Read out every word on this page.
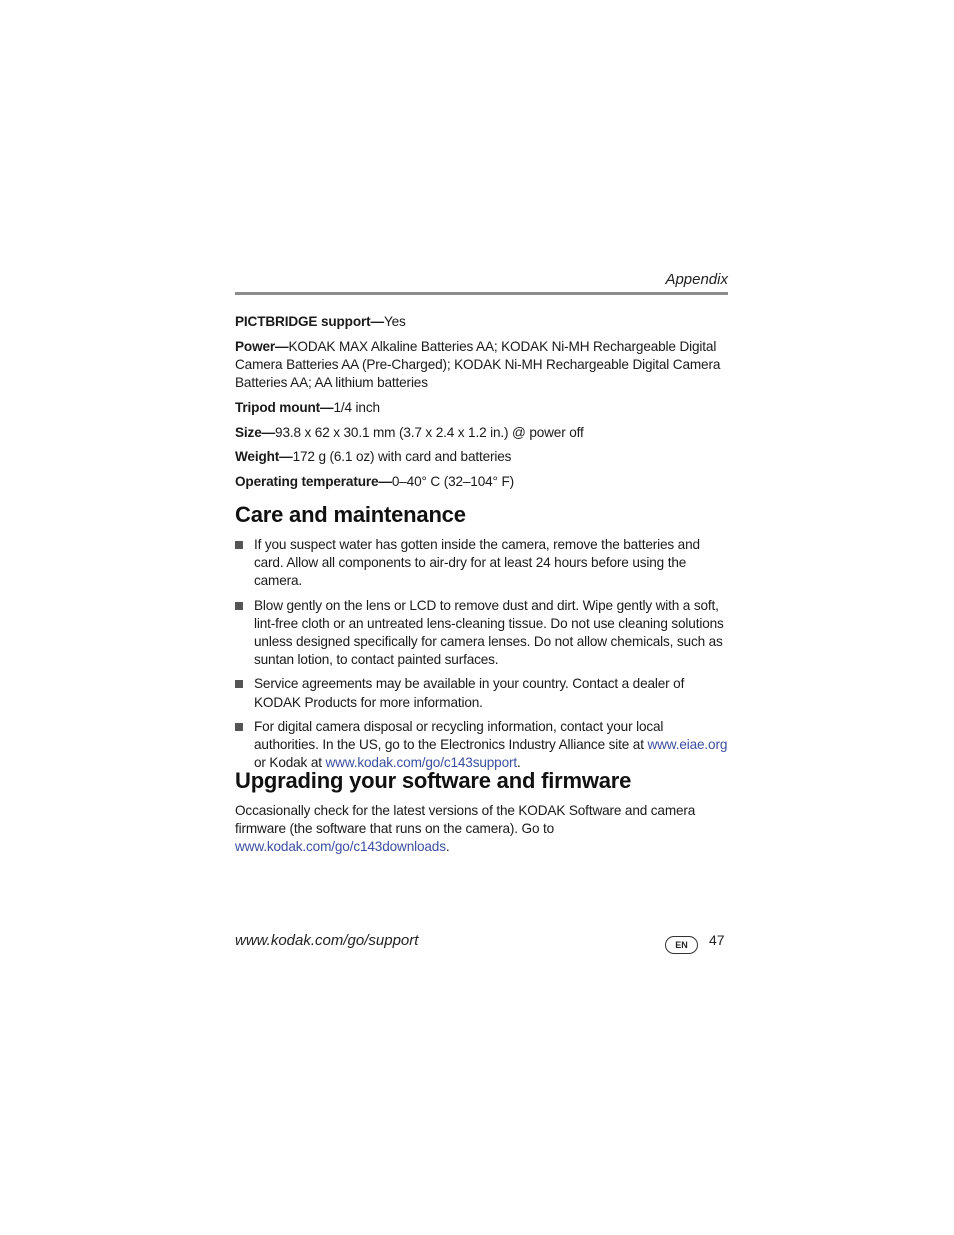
Appendix

PICTBRIDGE support—Yes

Power—KODAK MAX Alkaline Batteries AA; KODAK Ni-MH Rechargeable Digital Camera Batteries AA (Pre-Charged); KODAK Ni-MH Rechargeable Digital Camera Batteries AA; AA lithium batteries

Tripod mount—1/4 inch

Size—93.8 x 62 x 30.1 mm (3.7 x 2.4 x 1.2 in.) @ power off

Weight—172 g (6.1 oz) with card and batteries

Operating temperature—0–40° C (32–104° F)

Care and maintenance
If you suspect water has gotten inside the camera, remove the batteries and card. Allow all components to air-dry for at least 24 hours before using the camera.
Blow gently on the lens or LCD to remove dust and dirt. Wipe gently with a soft, lint-free cloth or an untreated lens-cleaning tissue. Do not use cleaning solutions unless designed specifically for camera lenses. Do not allow chemicals, such as suntan lotion, to contact painted surfaces.
Service agreements may be available in your country. Contact a dealer of KODAK Products for more information.
For digital camera disposal or recycling information, contact your local authorities. In the US, go to the Electronics Industry Alliance site at www.eiae.org or Kodak at www.kodak.com/go/c143support.
Upgrading your software and firmware

Occasionally check for the latest versions of the KODAK Software and camera firmware (the software that runs on the camera). Go to
www.kodak.com/go/c143downloads.

www.kodak.com/go/support	EN	47
